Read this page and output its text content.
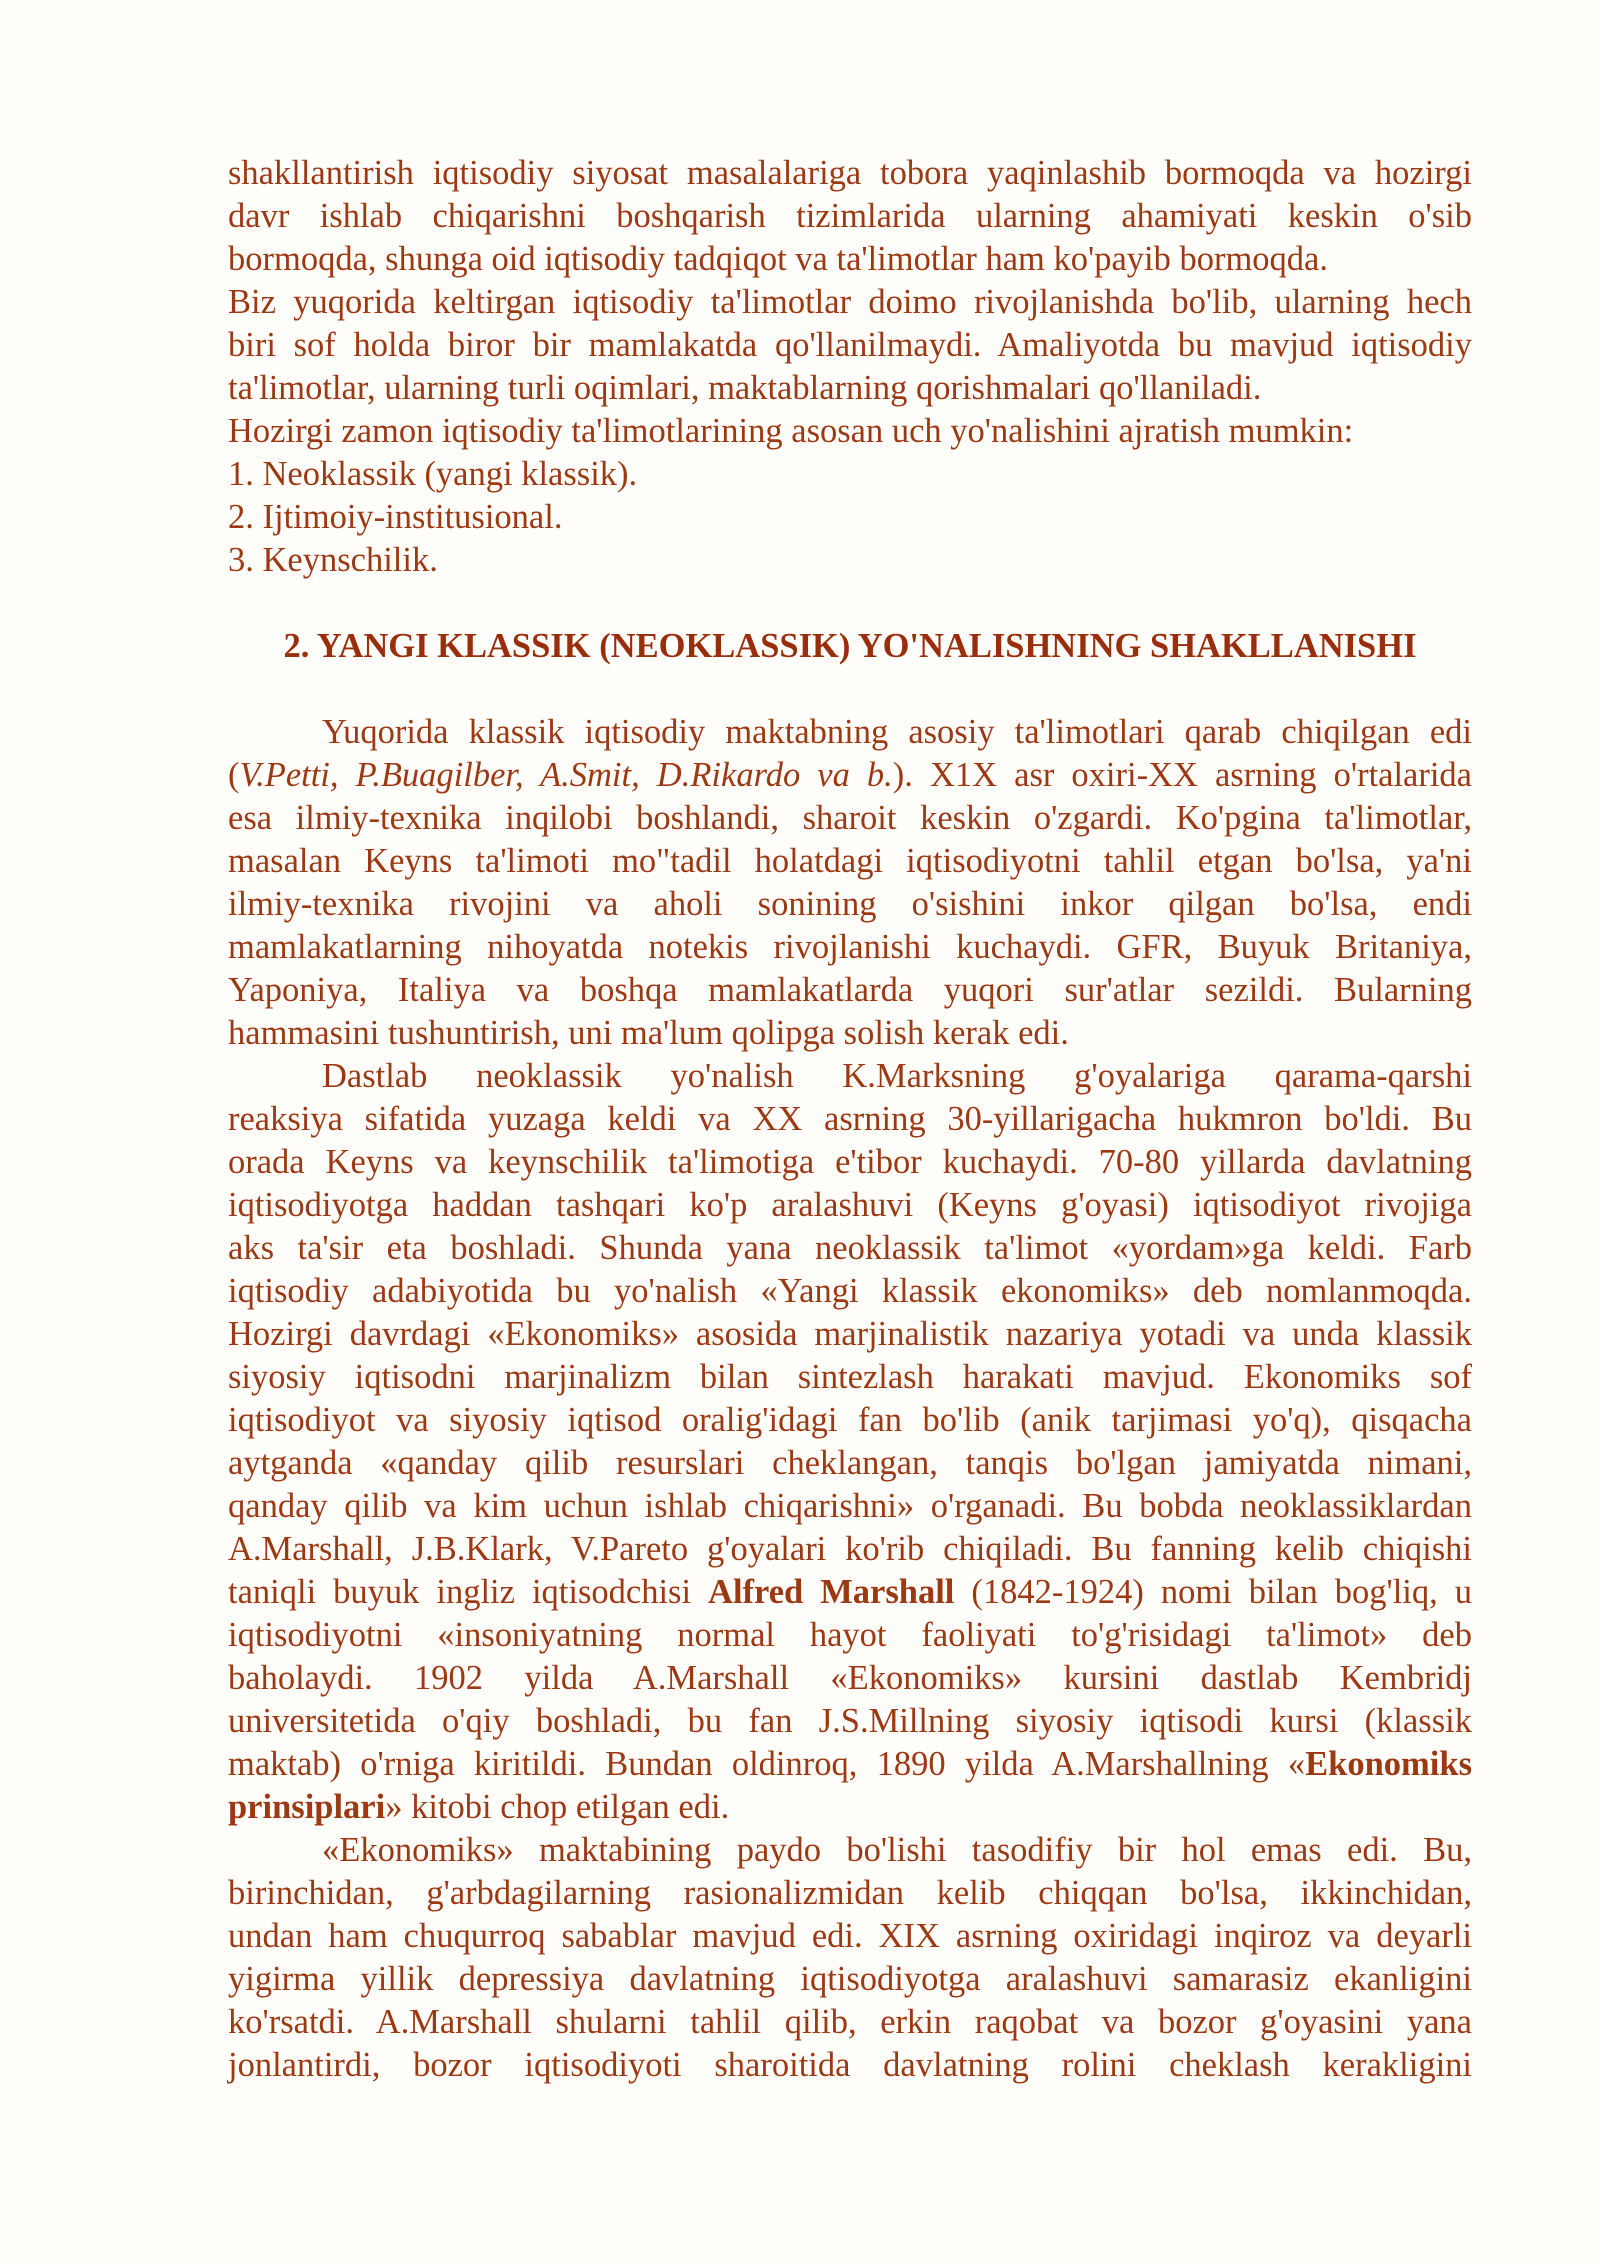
shakllantirish iqtisodiy siyosat masalalariga tobora yaqinlashib bormoqda va hozirgi
davr ishlab chiqarishni boshqarish tizimlarida ularning ahamiyati keskin o'sib
bormoqda, shunga oid iqtisodiy tadqiqot va ta'limotlar ham ko'payib bormoqda.
Biz yuqorida keltirgan iqtisodiy ta'limotlar doimo rivojlanishda bo'lib, ularning hech
biri sof holda biror bir mamlakatda qo'llanilmaydi. Amaliyotda bu mavjud iqtisodiy
ta'limotlar, ularning turli oqimlari, maktablarning qorishmalari qo'llaniladi.
Hozirgi zamon iqtisodiy ta'limotlarining asosan uch yo'nalishini ajratish mumkin:
1. Neoklassik (yangi klassik).
2. Ijtimoiy-institusional.
3. Keynschilik.
2. YANGI KLASSIK (NEOKLASSIK) YO'NALISHNING SHAKLLANISHI
Yuqorida klassik iqtisodiy maktabning asosiy ta'limotlari qarab chiqilgan edi
(V.Petti, P.Buagilber, A.Smit, D.Rikardo va b.). X1X asr oxiri-XX asrning o'rtalarida
esa ilmiy-texnika inqilobi boshlandi, sharoit keskin o'zgardi. Ko'pgina ta'limotlar,
masalan Keyns ta'limoti mo"tadil holatdagi iqtisodiyotni tahlil etgan bo'lsa, ya'ni
ilmiy-texnika rivojini va aholi sonining o'sishini inkor qilgan bo'lsa, endi
mamlakatlarning nihoyatda notekis rivojlanishi kuchaydi. GFR, Buyuk Britaniya,
Yaponiya, Italiya va boshqa mamlakatlarda yuqori sur'atlar sezildi. Bularning
hammasini tushuntirish, uni ma'lum qolipga solish kerak edi.
Dastlab neoklassik yo'nalish K.Marksning g'oyalariga qarama-qarshi
reaksiya sifatida yuzaga keldi va XX asrning 30-yillarigacha hukmron bo'ldi. Bu
orada Keyns va keynschilik ta'limotiga e'tibor kuchaydi. 70-80 yillarda davlatning
iqtisodiyotga haddan tashqari ko'p aralashuvi (Keyns g'oyasi) iqtisodiyot rivojiga
aks ta'sir eta boshladi. Shunda yana neoklassik ta'limot «yordam»ga keldi. Farb
iqtisodiy adabiyotida bu yo'nalish «Yangi klassik ekonomiks» deb nomlanmoqda.
Hozirgi davrdagi «Ekonomiks» asosida marjinalistik nazariya yotadi va unda klassik
siyosiy iqtisodni marjinalizm bilan sintezlash harakati mavjud. Ekonomiks sof
iqtisodiyot va siyosiy iqtisod oralig'idagi fan bo'lib (anik tarjimasi yo'q), qisqacha
aytganda «qanday qilib resurslari cheklangan, tanqis bo'lgan jamiyatda nimani,
qanday qilib va kim uchun ishlab chiqarishni» o'rganadi. Bu bobda neoklassiklardan
A.Marshall, J.B.Klark, V.Pareto g'oyalari ko'rib chiqiladi. Bu fanning kelib chiqishi
taniqli buyuk ingliz iqtisodchisi Alfred Marshall (1842-1924) nomi bilan bog'liq, u
iqtisodiyotni «insoniyatning normal hayot faoliyati to'g'risidagi ta'limot» deb
baholaydi. 1902 yilda A.Marshall «Ekonomiks» kursini dastlab Kembridj
universitetida o'qiy boshladi, bu fan J.S.Millning siyosiy iqtisodi kursi (klassik
maktab) o'rniga kiritildi. Bundan oldinroq, 1890 yilda A.Marshallning «Ekonomiks
prinsiplari» kitobi chop etilgan edi.
«Ekonomiks» maktabining paydo bo'lishi tasodifiy bir hol emas edi. Bu,
birinchidan, g'arbdagilarning rasionalizmidan kelib chiqqan bo'lsa, ikkinchidan,
undan ham chuqurroq sabablar mavjud edi. XIX asrning oxiridagi inqiroz va deyarli
yigirma yillik depressiya davlatning iqtisodiyotga aralashuvi samarasiz ekanligini
ko'rsatdi. A.Marshall shularni tahlil qilib, erkin raqobat va bozor g'oyasini yana
jonlantirdi, bozor iqtisodiyoti sharoitida davlatning rolini cheklash kerakligini
